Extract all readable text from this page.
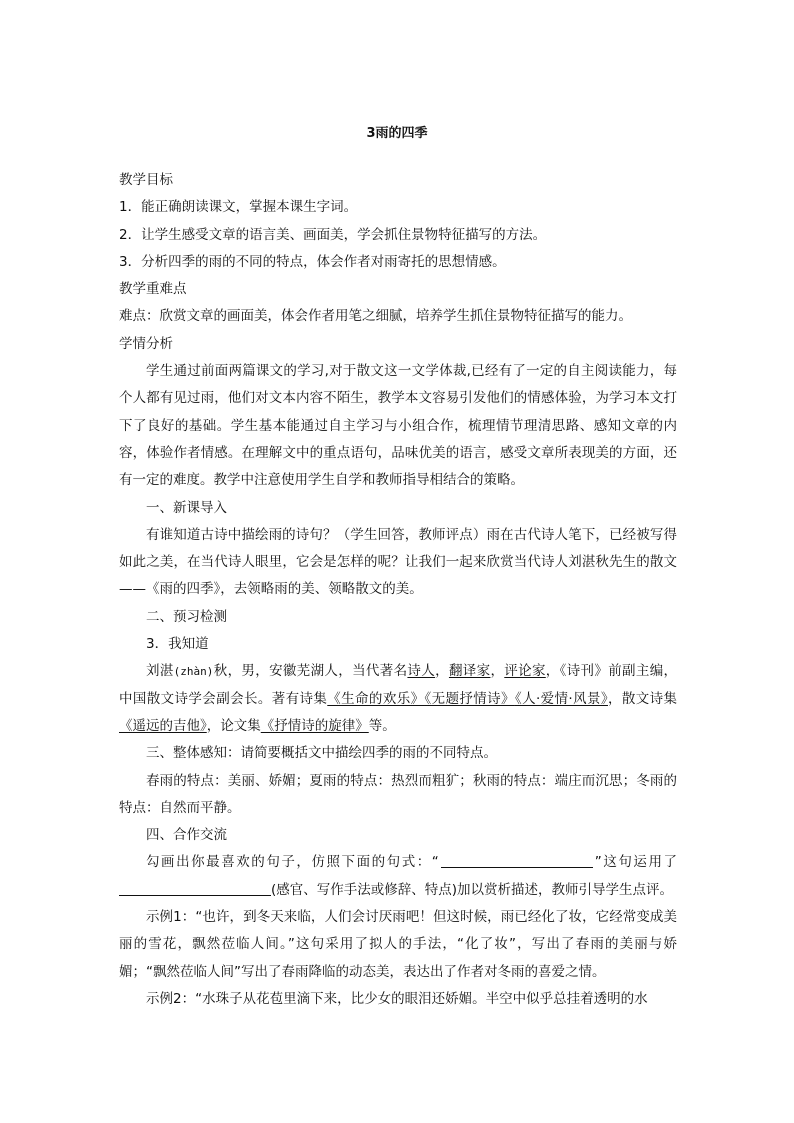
3雨的四季

教学目标

1．能正确朗读课文，掌握本课生字词。

2．让学生感受文章的语言美、画面美，学会抓住景物特征描写的方法。

3．分析四季的雨的不同的特点，体会作者对雨寄托的思想情感。

教学重难点

难点：欣赏文章的画面美，体会作者用笔之细腻，培养学生抓住景物特征描写的能力。

学情分析

学生通过前面两篇课文的学习,对于散文这一文学体裁,已经有了一定的自主阅读能力，每个人都有见过雨，他们对文本内容不陌生，教学本文容易引发他们的情感体验，为学习本文打下了良好的基础。学生基本能通过自主学习与小组合作，梳理情节理清思路、感知文章的内容，体验作者情感。在理解文中的重点语句，品味优美的语言，感受文章所表现美的方面，还有一定的难度。教学中注意使用学生自学和教师指导相结合的策略。

一、新课导入

有谁知道古诗中描绘雨的诗句？（学生回答，教师评点）雨在古代诗人笔下，已经被写得如此之美，在当代诗人眼里，它会是怎样的呢？让我们一起来欣赏当代诗人刘湛秋先生的散文——《雨的四季》，去领略雨的美、领略散文的美。

二、预习检测

3．我知道

刘湛(zhàn)秋，男，安徽芜湖人，当代著名诗人，翻译家，评论家，《诗刊》前副主编，中国散文诗学会副会长。著有诗集《生命的欢乐》《无题抒情诗》《人·爱情·风景》，散文诗集《遥远的吉他》，论文集《抒情诗的旋律》等。

三、整体感知：请简要概括文中描绘四季的雨的不同特点。

春雨的特点：美丽、娇媚；夏雨的特点：热烈而粗犷；秋雨的特点：端庄而沉思；冬雨的特点：自然而平静。

四、合作交流

勾画出你最喜欢的句子，仿照下面的句式：“	”这句运用了(感官、写作手法或修辞、特点)加以赏析描述，教师引导学生点评。

示例1：“也许，到冬天来临，人们会讨厌雨吧！但这时候，雨已经化了妆，它经常变成美丽的雪花，飘然莅临人间。”这句采用了拟人的手法，“化了妆”，写出了春雨的美丽与娇媚；“飘然莅临人间”写出了春雨降临的动态美，表达出了作者对冬雨的喜爱之情。

示例2：“水珠子从花苞里滴下来，比少女的眼泪还娇媚。半空中似乎总挂着透明的水
